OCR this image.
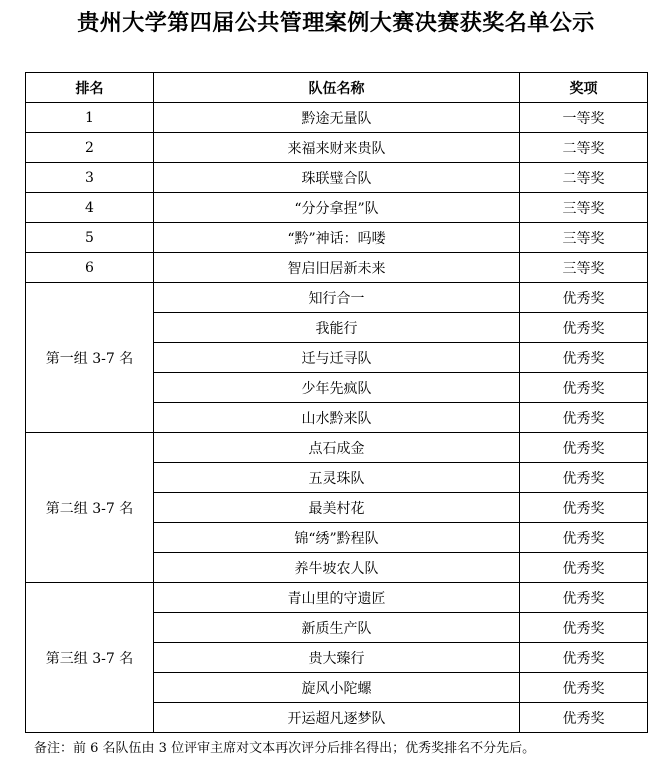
贵州大学第四届公共管理案例大赛决赛获奖名单公示
排名	队伍名称	奖项
1	黔途无量队	一等奖
2	来福来财来贵队	二等奖
3	珠联璧合队	二等奖
4	“分分拿捏”队	三等奖
5	“黔”神话：吗喽	三等奖
6	智启旧居新未来	三等奖
第一组 3-7 名	知行合一	优秀奖
	我能行	优秀奖
	迁与迁寻队	优秀奖
	少年先疯队	优秀奖
	山水黔来队	优秀奖
第二组 3-7 名	点石成金	优秀奖
	五灵珠队	优秀奖
	最美村花	优秀奖
	锦“绣”黔程队	优秀奖
	养牛坡农人队	优秀奖
第三组 3-7 名	青山里的守遗匠	优秀奖
	新质生产队	优秀奖
	贵大臻行	优秀奖
	旋风小陀螺	优秀奖
	开运超凡逐梦队	优秀奖
备注：前 6 名队伍由 3 位评审主席对文本再次评分后排名得出；优秀奖排名不分先后。
